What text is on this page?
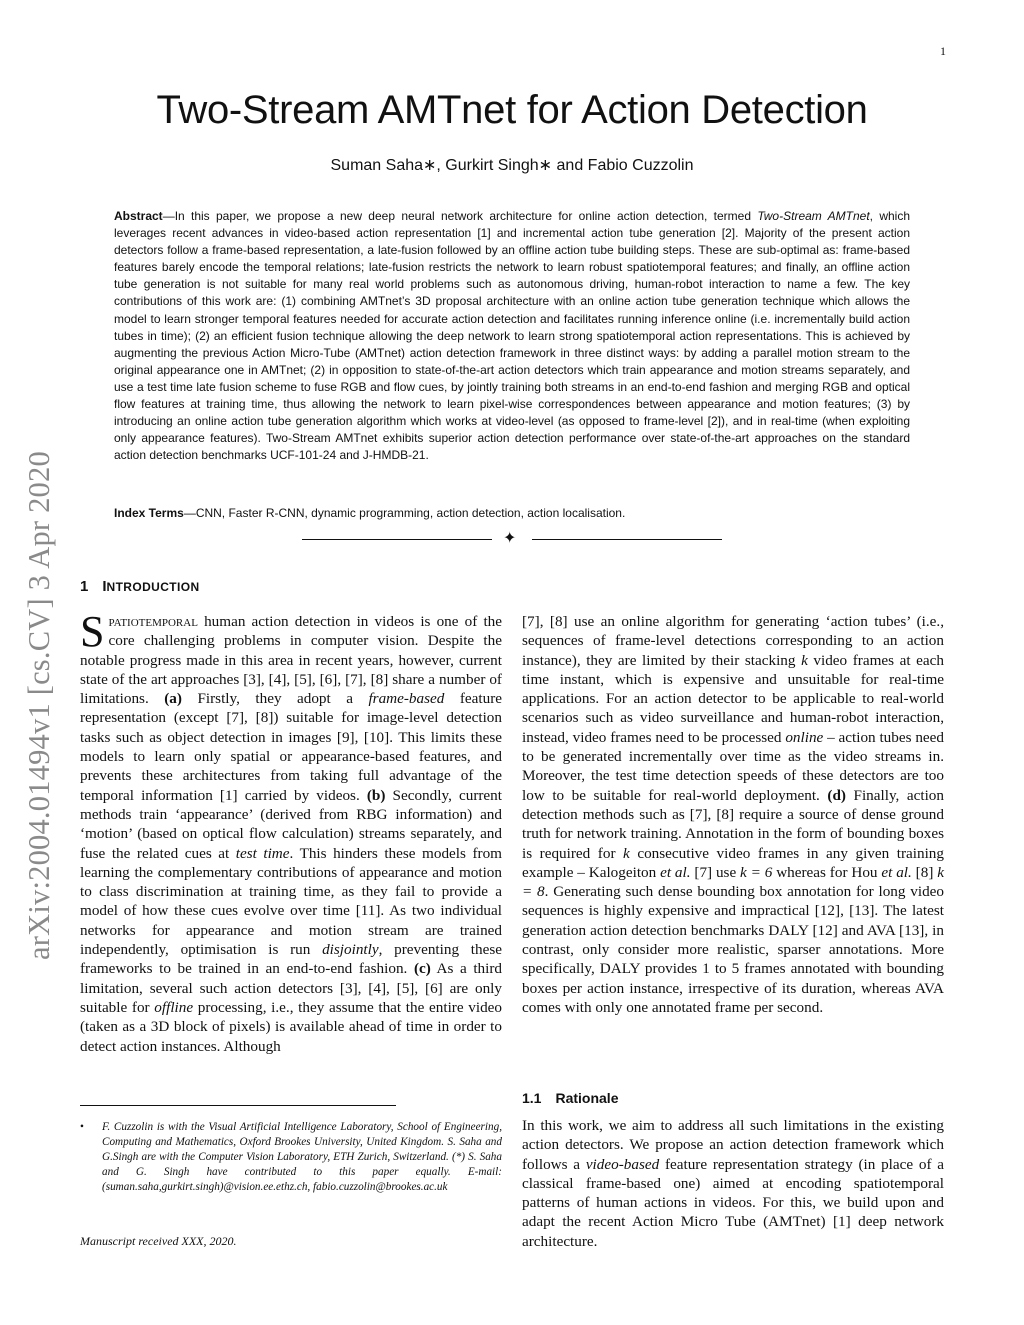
1
arXiv:2004.01494v1 [cs.CV] 3 Apr 2020
Two-Stream AMTnet for Action Detection
Suman Saha∗, Gurkirt Singh∗ and Fabio Cuzzolin
Abstract—In this paper, we propose a new deep neural network architecture for online action detection, termed Two-Stream AMTnet, which leverages recent advances in video-based action representation [1] and incremental action tube generation [2]. Majority of the present action detectors follow a frame-based representation, a late-fusion followed by an offline action tube building steps. These are sub-optimal as: frame-based features barely encode the temporal relations; late-fusion restricts the network to learn robust spatiotemporal features; and finally, an offline action tube generation is not suitable for many real world problems such as autonomous driving, human-robot interaction to name a few. The key contributions of this work are: (1) combining AMTnet’s 3D proposal architecture with an online action tube generation technique which allows the model to learn stronger temporal features needed for accurate action detection and facilitates running inference online (i.e. incrementally build action tubes in time); (2) an efficient fusion technique allowing the deep network to learn strong spatiotemporal action representations. This is achieved by augmenting the previous Action Micro-Tube (AMTnet) action detection framework in three distinct ways: by adding a parallel motion stream to the original appearance one in AMTnet; (2) in opposition to state-of-the-art action detectors which train appearance and motion streams separately, and use a test time late fusion scheme to fuse RGB and flow cues, by jointly training both streams in an end-to-end fashion and merging RGB and optical flow features at training time, thus allowing the network to learn pixel-wise correspondences between appearance and motion features; (3) by introducing an online action tube generation algorithm which works at video-level (as opposed to frame-level [2]), and in real-time (when exploiting only appearance features). Two-Stream AMTnet exhibits superior action detection performance over state-of-the-art approaches on the standard action detection benchmarks UCF-101-24 and J-HMDB-21.
Index Terms—CNN, Faster R-CNN, dynamic programming, action detection, action localisation.
✦
1 INTRODUCTION

Spatiotemporal human action detection in videos is one of the core challenging problems in computer vision. Despite the notable progress made in this area in recent years, however, current state of the art approaches [3], [4], [5], [6], [7], [8] share a number of limitations. (a) Firstly, they adopt a frame-based feature representation (except [7], [8]) suitable for image-level detection tasks such as object detection in images [9], [10]. This limits these models to learn only spatial or appearance-based features, and prevents these architectures from taking full advantage of the temporal information [1] carried by videos. (b) Secondly, current methods train ‘appearance’ (derived from RBG information) and ‘motion’ (based on optical flow calculation) streams separately, and fuse the related cues at test time. This hinders these models from learning the complementary contributions of appearance and motion to class discrimination at training time, as they fail to provide a model of how these cues evolve over time [11]. As two individual networks for appearance and motion stream are trained independently, optimisation is run disjointly, preventing these frameworks to be trained in an end-to-end fashion. (c) As a third limitation, several such action detectors [3], [4], [5], [6] are only suitable for offline processing, i.e., they assume that the entire video (taken as a 3D block of pixels) is available ahead of time in order to detect action instances. Although

• F. Cuzzolin is with the Visual Artificial Intelligence Laboratory, School of Engineering, Computing and Mathematics, Oxford Brookes University, United Kingdom. S. Saha and G.Singh are with the Computer Vision Laboratory, ETH Zurich, Switzerland. (*) S. Saha and G. Singh have contributed to this paper equally. E-mail: (suman.saha,gurkirt.singh)@vision.ee.ethz.ch, fabio.cuzzolin@brookes.ac.uk
Manuscript received XXX, 2020.

[7], [8] use an online algorithm for generating ‘action tubes’ (i.e., sequences of frame-level detections corresponding to an action instance), they are limited by their stacking k video frames at each time instant, which is expensive and unsuitable for real-time applications. For an action detector to be applicable to real-world scenarios such as video surveillance and human-robot interaction, instead, video frames need to be processed online – action tubes need to be generated incrementally over time as the video streams in. Moreover, the test time detection speeds of these detectors are too low to be suitable for real-world deployment. (d) Finally, action detection methods such as [7], [8] require a source of dense ground truth for network training. Annotation in the form of bounding boxes is required for k consecutive video frames in any given training example – Kalogeiton et al. [7] use k = 6 whereas for Hou et al. [8] k = 8. Generating such dense bounding box annotation for long video sequences is highly expensive and impractical [12], [13]. The latest generation action detection benchmarks DALY [12] and AVA [13], in contrast, only consider more realistic, sparser annotations. More specifically, DALY provides 1 to 5 frames annotated with bounding boxes per action instance, irrespective of its duration, whereas AVA comes with only one annotated frame per second.

1.1 Rationale

In this work, we aim to address all such limitations in the existing action detectors. We propose an action detection framework which follows a video-based feature representation strategy (in place of a classical frame-based one) aimed at encoding spatiotemporal patterns of human actions in videos. For this, we build upon and adapt the recent Action Micro Tube (AMTnet) [1] deep network architecture.
